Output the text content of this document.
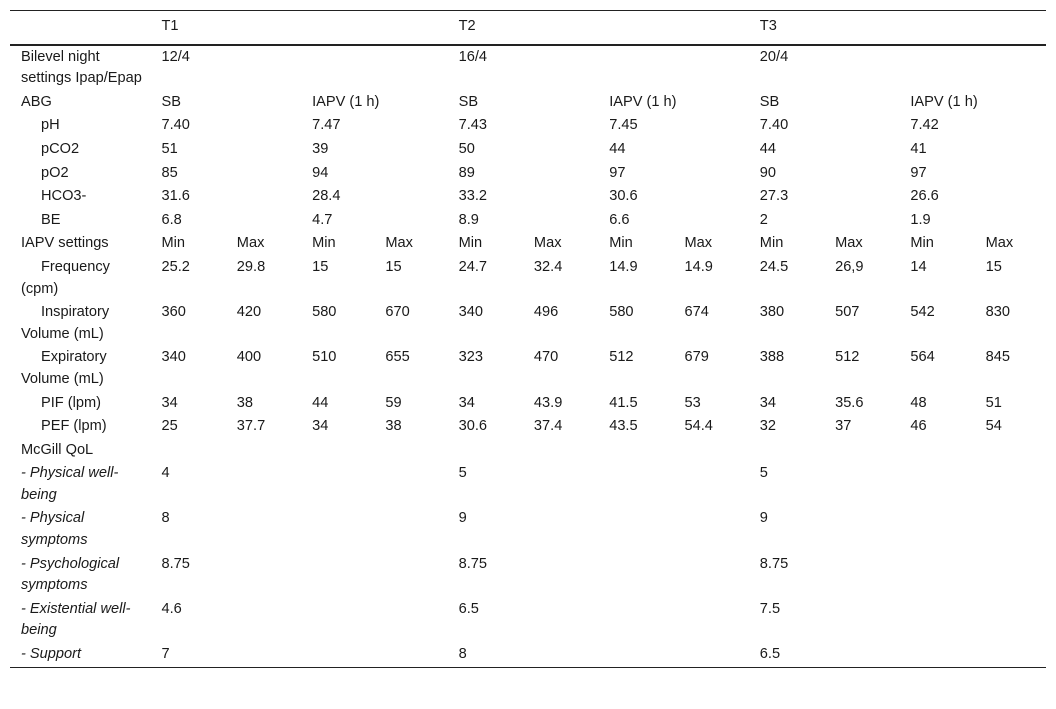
	T1				T2				T3			
Bilevel night settings Ipap/Epap	12/4				16/4				20/4			
ABG	SB		IAPV (1 h)		SB		IAPV (1 h)		SB		IAPV (1 h)	
pH	7.40		7.47		7.43		7.45		7.40		7.42	
pCO2	51		39		50		44		44		41	
pO2	85		94		89		97		90		97	
HCO3-	31.6		28.4		33.2		30.6		27.3		26.6	
BE	6.8		4.7		8.9		6.6		2		1.9	
IAPV settings	Min	Max	Min	Max	Min	Max	Min	Max	Min	Max	Min	Max
Frequency (cpm)	25.2	29.8	15	15	24.7	32.4	14.9	14.9	24.5	26,9	14	15
Inspiratory Volume (mL)	360	420	580	670	340	496	580	674	380	507	542	830
Expiratory Volume (mL)	340	400	510	655	323	470	512	679	388	512	564	845
PIF (lpm)	34	38	44	59	34	43.9	41.5	53	34	35.6	48	51
PEF (lpm)	25	37.7	34	38	30.6	37.4	43.5	54.4	32	37	46	54
McGill QoL												
- Physical well-being	4				5				5			
- Physical symptoms	8				9				9			
- Psychological symptoms	8.75				8.75				8.75			
- Existential well-being	4.6				6.5				7.5			
- Support	7				8				6.5			
